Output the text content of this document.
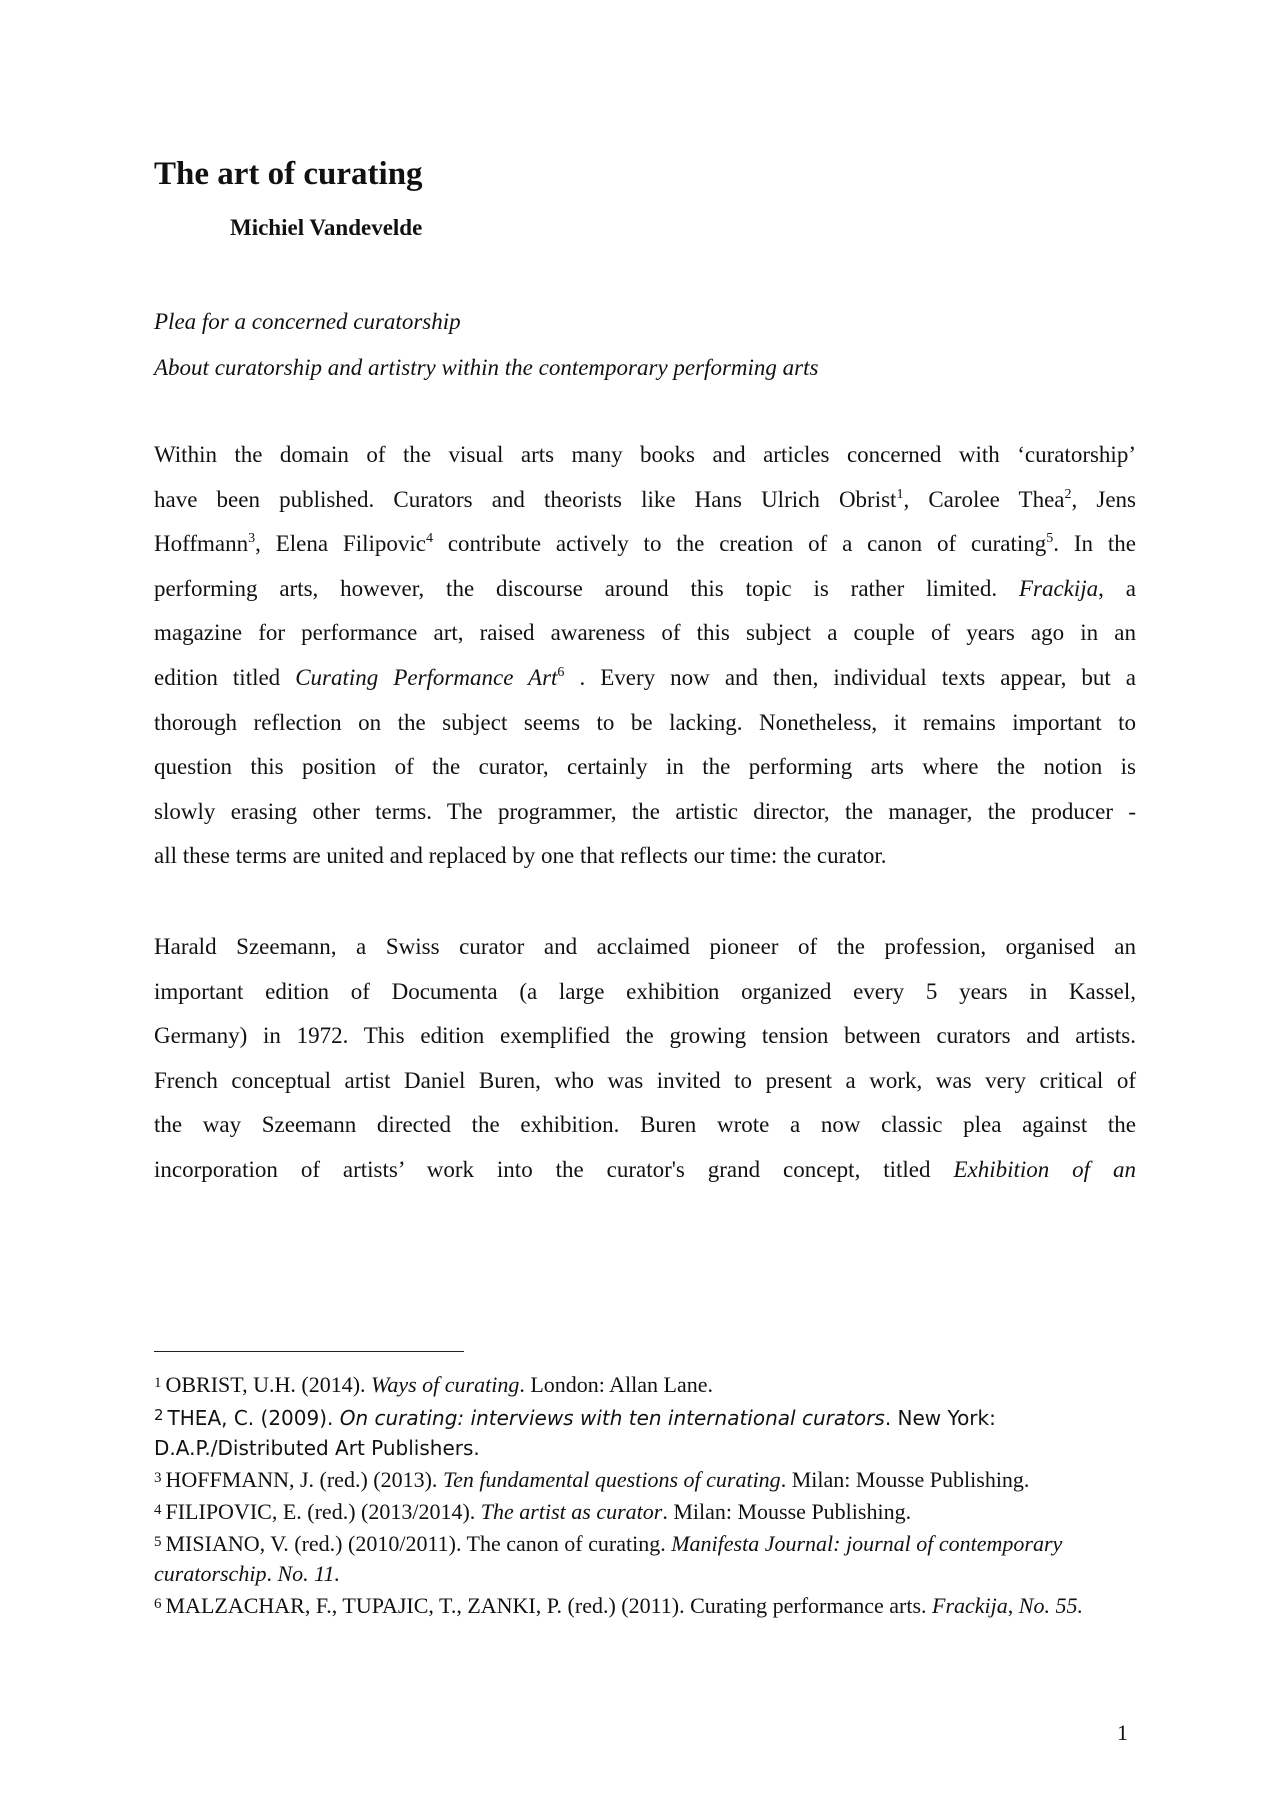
The art of curating

Michiel Vandevelde

Plea for a concerned curatorship
About curatorship and artistry within the contemporary performing arts
Within the domain of the visual arts many books and articles concerned with ‘curatorship’
have been published. Curators and theorists like Hans Ulrich Obrist$^1$, Carolee Thea$^2$, Jens
Hoffmann$^3$, Elena Filipovic$^4$ contribute actively to the creation of a canon of curating$^5$. In the
performing arts, however, the discourse around this topic is rather limited. Frackija, a
magazine for performance art, raised awareness of this subject a couple of years ago in an
edition titled Curating Performance Art$^6$ . Every now and then, individual texts appear, but a
thorough reflection on the subject seems to be lacking. Nonetheless, it remains important to
question this position of the curator, certainly in the performing arts where the notion is
slowly erasing other terms. The programmer, the artistic director, the manager, the producer -
all these terms are united and replaced by one that reflects our time: the curator.
Harald Szeemann, a Swiss curator and acclaimed pioneer of the profession, organised an
important edition of Documenta (a large exhibition organized every 5 years in Kassel,
Germany) in 1972. This edition exemplified the growing tension between curators and artists.
French conceptual artist Daniel Buren, who was invited to present a work, was very critical of
the way Szeemann directed the exhibition. Buren wrote a now classic plea against the
incorporation of artists’ work into the curator's grand concept, titled Exhibition of an

$^1$ OBRIST, U.H. (2014). Ways of curating. London: Allan Lane.

$^2$ THEA, C. (2009). On curating: interviews with ten international curators. New York: D.A.P./Distributed Art Publishers.

$^3$ HOFFMANN, J. (red.) (2013). Ten fundamental questions of curating. Milan: Mousse Publishing.

$^4$ FILIPOVIC, E. (red.) (2013/2014). The artist as curator. Milan: Mousse Publishing.

$^5$ MISIANO, V. (red.) (2010/2011). The canon of curating. Manifesta Journal: journal of contemporary curatorschip. No. 11.

$^6$ MALZACHAR, F., TUPAJIC, T., ZANKI, P. (red.) (2011). Curating performance arts. Frackija, No. 55.

1
